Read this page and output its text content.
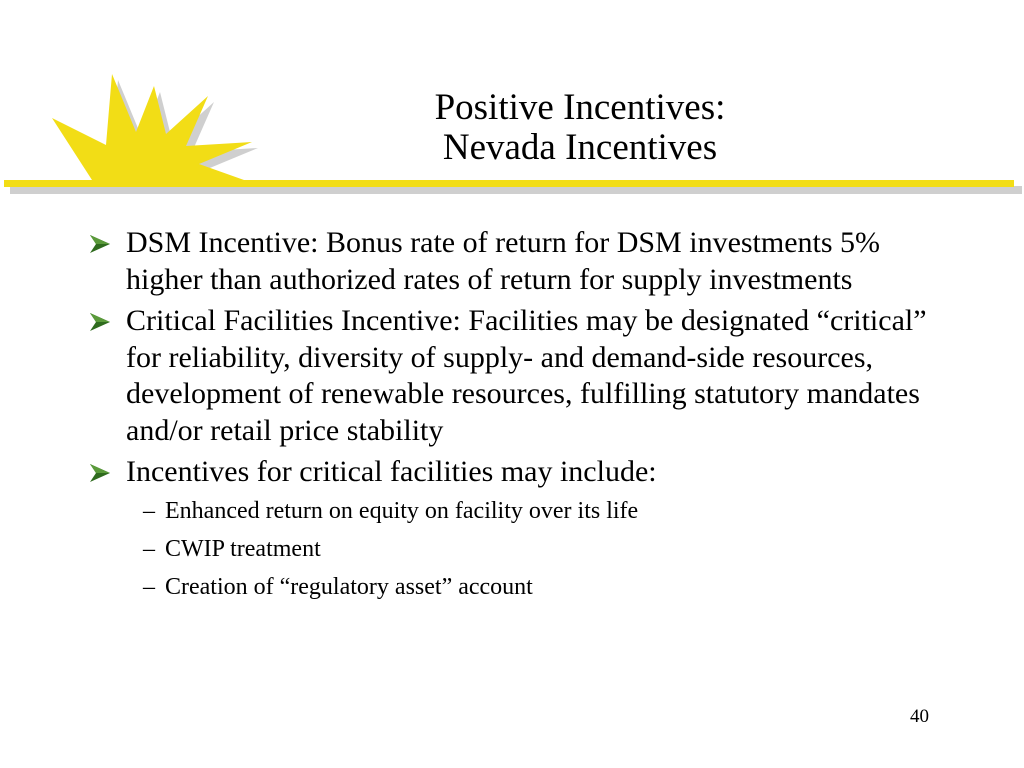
Positive Incentives:
Nevada Incentives
DSM Incentive: Bonus rate of return for DSM investments 5% higher than authorized rates of return for supply investments
Critical Facilities Incentive: Facilities may be designated “critical” for reliability, diversity of supply- and demand-side resources, development of renewable resources, fulfilling statutory mandates and/or retail price stability
Incentives for critical facilities may include:
– Enhanced return on equity on facility over its life
– CWIP treatment
– Creation of “regulatory asset” account
40
